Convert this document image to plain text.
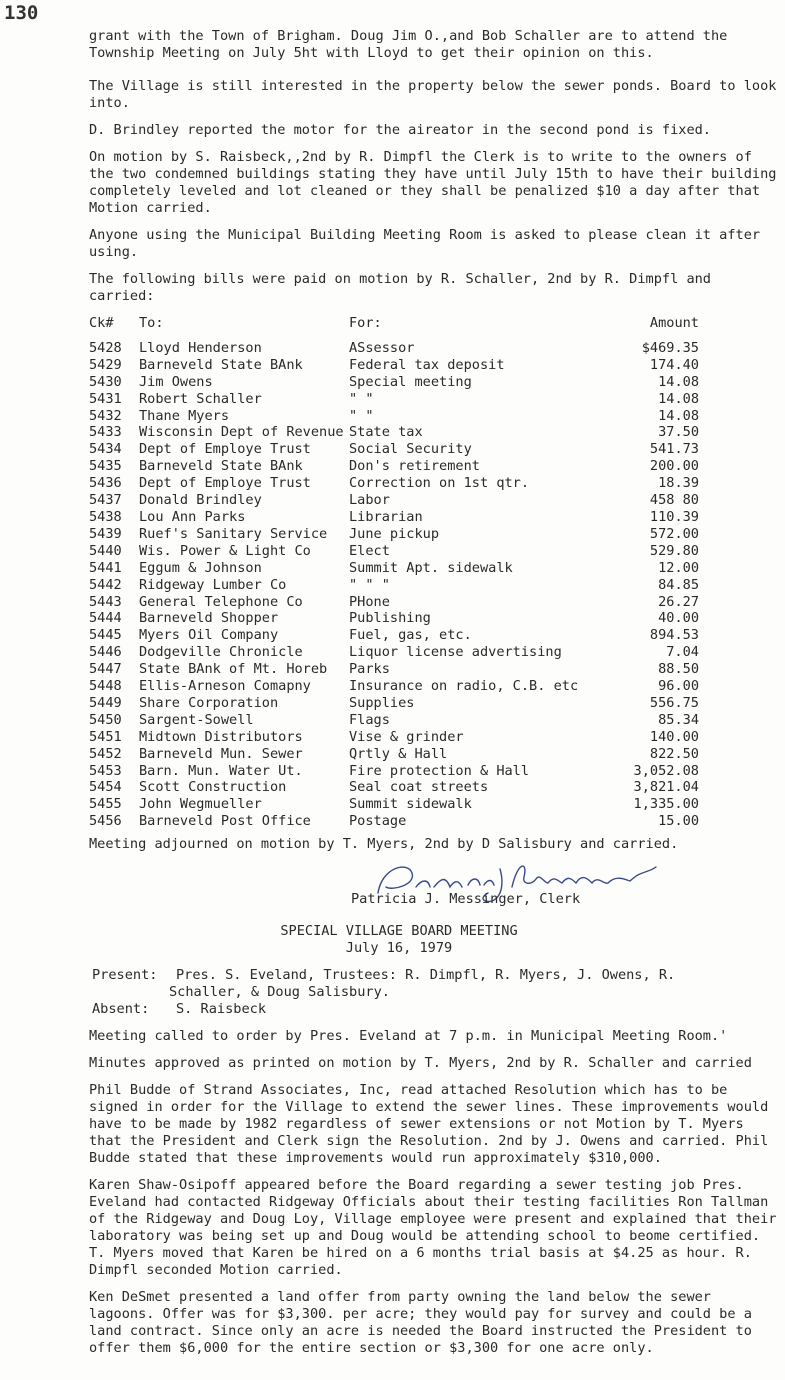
130

grant with the Town of Brigham. Doug Jim O.,and Bob Schaller are to attend the Township Meeting on July 5ht with Lloyd to get their opinion on this.

The Village is still interested in the property below the sewer ponds. Board to look into.

D. Brindley reported the motor for the aireator in the second pond is fixed.

On motion by S. Raisbeck,,2nd by R. Dimpfl the Clerk is to write to the owners of the two condemned buildings stating they have until July 15th to have their building completely leveled and lot cleaned or they shall be penalized $10 a day after that Motion carried.

Anyone using the Municipal Building Meeting Room is asked to please clean it after using.

The following bills were paid on motion by R. Schaller, 2nd by R. Dimpfl and carried:

Ck#	To:	For:	Amount

5428	Lloyd Henderson	ASsessor	$469.35
5429	Barneveld State BAnk	Federal tax deposit	174.40
5430	Jim Owens	Special meeting	14.08
5431	Robert Schaller	" "	14.08
5432	Thane Myers	" "	14.08
5433	Wisconsin Dept of Revenue	State tax	37.50
5434	Dept of Employe Trust	Social Security	541.73
5435	Barneveld State BAnk	Don's retirement	200.00
5436	Dept of Employe Trust	Correction on 1st qtr.	18.39
5437	Donald Brindley	Labor	458 80
5438	Lou Ann Parks	Librarian	110.39
5439	Ruef's Sanitary Service	June pickup	572.00
5440	Wis. Power & Light Co	Elect	529.80
5441	Eggum & Johnson	Summit Apt. sidewalk	12.00
5442	Ridgeway Lumber Co	" " "	84.85
5443	General Telephone Co	PHone	26.27
5444	Barneveld Shopper	Publishing	40.00
5445	Myers Oil Company	Fuel, gas, etc.	894.53
5446	Dodgeville Chronicle	Liquor license advertising	7.04
5447	State BAnk of Mt. Horeb	Parks	88.50
5448	Ellis-Arneson Comapny	Insurance on radio, C.B. etc	96.00
5449	Share Corporation	Supplies	556.75
5450	Sargent-Sowell	Flags	85.34
5451	Midtown Distributors	Vise & grinder	140.00
5452	Barneveld Mun. Sewer	Qrtly & Hall	822.50
5453	Barn. Mun. Water Ut.	Fire protection & Hall	3,052.08
5454	Scott Construction	Seal coat streets	3,821.04
5455	John Wegmueller	Summit sidewalk	1,335.00
5456	Barneveld Post Office	Postage	15.00

Meeting adjourned on motion by T. Myers, 2nd by D Salisbury and carried.

Patricia J. Messinger, Clerk

SPECIAL VILLAGE BOARD MEETING

July 16, 1979

Present:	Pres. S. Eveland, Trustees: R. Dimpfl, R. Myers, J. Owens, R.

Schaller, & Doug Salisbury.

Absent:	S. Raisbeck

Meeting called to order by Pres. Eveland at 7 p.m. in Municipal Meeting Room.'

Minutes approved as printed on motion by T. Myers, 2nd by R. Schaller and carried

Phil Budde of Strand Associates, Inc, read attached Resolution which has to be signed in order for the Village to extend the sewer lines. These improvements would have to be made by 1982 regardless of sewer extensions or not Motion by T. Myers that the President and Clerk sign the Resolution. 2nd by J. Owens and carried. Phil Budde stated that these improvements would run approximately $310,000.

Karen Shaw-Osipoff appeared before the Board regarding a sewer testing job Pres. Eveland had contacted Ridgeway Officials about their testing facilities Ron Tallman of the Ridgeway and Doug Loy, Village employee were present and explained that their laboratory was being set up and Doug would be attending school to beome certified. T. Myers moved that Karen be hired on a 6 months trial basis at $4.25 as hour. R. Dimpfl seconded Motion carried.

Ken DeSmet presented a land offer from party owning the land below the sewer lagoons. Offer was for $3,300. per acre; they would pay for survey and could be a land contract. Since only an acre is needed the Board instructed the President to offer them $6,000 for the entire section or $3,300 for one acre only.
